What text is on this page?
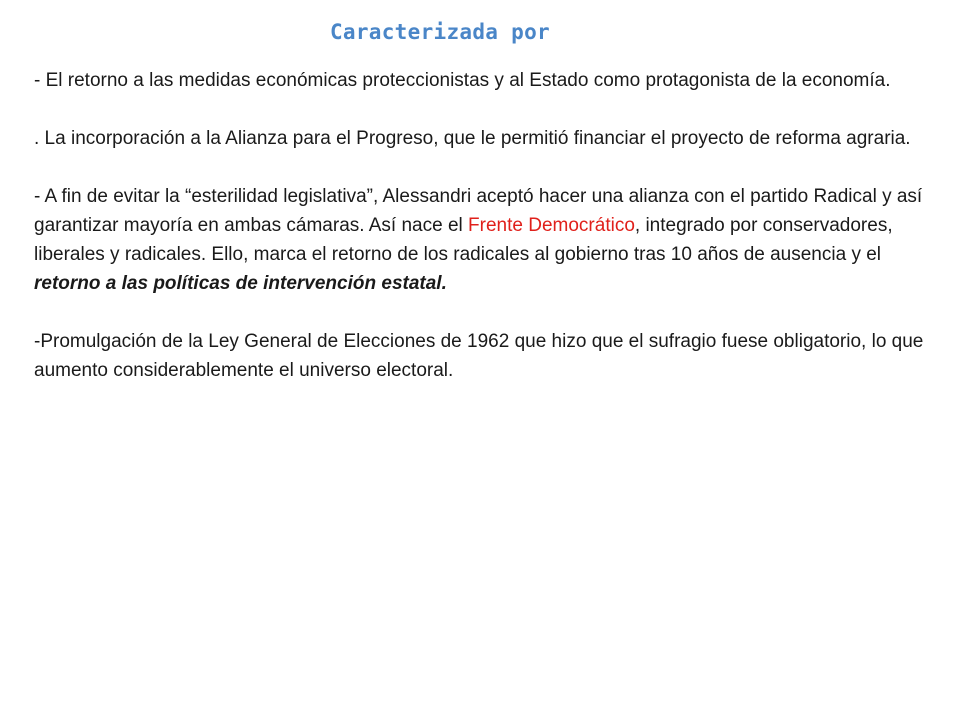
Caracterizada por

- El retorno a las medidas económicas proteccionistas y al Estado como protagonista de la economía.

. La incorporación a la Alianza para el Progreso, que le permitió financiar el proyecto de reforma agraria.

- A fin de evitar la “esterilidad legislativa”, Alessandri aceptó hacer una alianza con el partido Radical y así garantizar mayoría en ambas cámaras. Así nace el Frente Democrático, integrado por conservadores, liberales y radicales. Ello, marca el retorno de los radicales al gobierno tras 10 años de ausencia y el retorno a las políticas de intervención estatal.

-Promulgación de la Ley General de Elecciones de 1962 que hizo que el sufragio fuese obligatorio, lo que aumento considerablemente el universo electoral.
